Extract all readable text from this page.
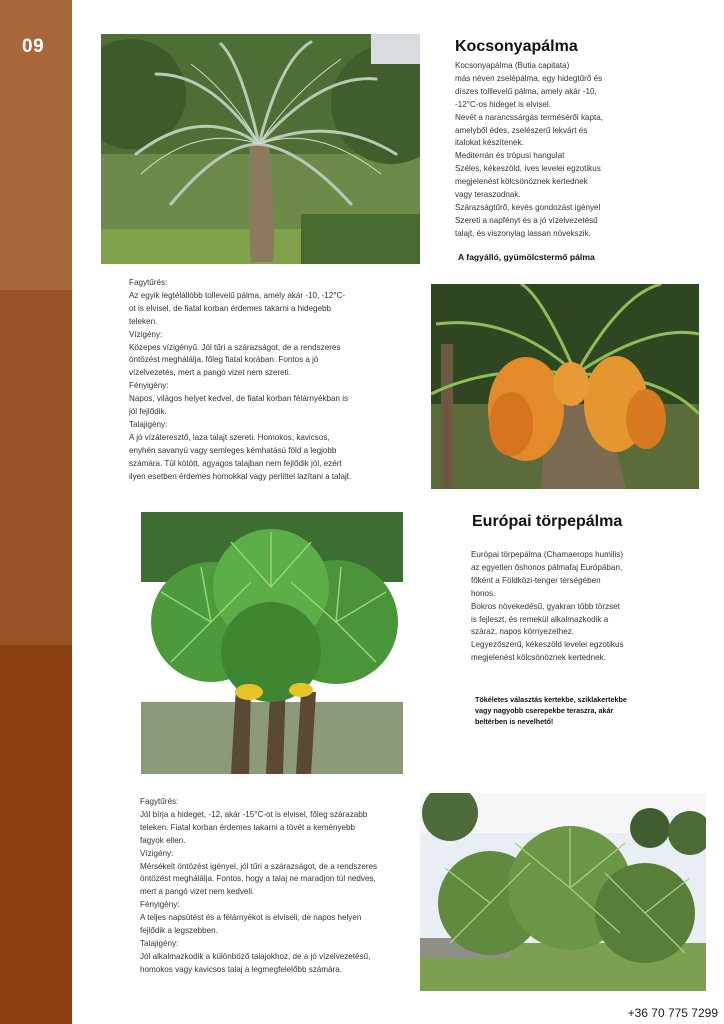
09	Kocsonyapálma

Kocsonyapálma (Butia capitata)

más néven zselépálma, egy hidegtűrő és

díszes tolllevelű pálma, amely akár -10,

-12°C-os hideget is elvisel.

Nevét a narancssárgás terméséről kapta,

amelyből édes, zselészerű lekvárt és

italokat készítenek.

Mediterrán és trópusi hangulat

Széles, kékeszöld, íves levelei egzotikus

megjelenést kölcsönöznek kertednek

vagy teraszodnak.

Szárazságtűrő, kevés gondozást igényel

Szereti a napfényt és a jó vízelvezetésű

talajt, és viszonylag lassan növekszik.

A fagyálló, gyümölcstermő pálma

Fagytűrés:

Az egyik legtélállóbb tollevelű pálma, amely akár -10, -12°C-

ot is elvisel, de fiatal korban érdemes takarni a hidegebb

teleken.

Vízigény:

Közepes vízigényű. Jól tűri a szárazságot, de a rendszeres

öntözést meghálálja, főleg fiatal korában. Fontos a jó

vízelvezetés, mert a pangó vizet nem szereti.

Fényigény:

Napos, világos helyet kedvel, de fiatal korban félárnyékban is

jól fejlődik.

Talajigény:

A jó vízáteresztő, laza talajt szereti. Homokos, kavicsos,

enyhén savanyú vagy semleges kémhatású föld a legjobb

számára. Túl kötött, agyagos talajban nem fejlődik jól, ezért

ilyen esetben érdemes homokkal vagy perlittel lazítani a talajt.

Európai törpepálma

Európai törpepálma (Chamaerops humilis)

az egyetlen őshonos pálmafaj Európában,

főként a Földközi-tenger térségében

honos.

Bokros növekedésű, gyakran több törzset

is fejleszt, és remekül alkalmazkodik a

száraz, napos környezethez.

Legyezőszerű, kékeszöld levelei egzotikus

megjelenést kölcsönöznek kertednek.

Tökéletes választás kertekbe, sziklakertekbe

vagy nagyobb cserepekbe teraszra, akár

beltérben is nevelhető!

Fagytűrés:

Jól bírja a hideget, -12, akár -15°C-ot is elvisel, főleg szárazabb

teleken. Fiatal korban érdemes takarni a tövét a keményebb

fagyok ellen.

Vízigény:

Mérsékelt öntözést igényel, jól tűri a szárazságot, de a rendszeres

öntözést meghálálja. Fontos, hogy a talaj ne maradjon túl nedves,

mert a pangó vizet nem kedveli.

Fényigény:

A teljes napsütést és a félárnyékot is elviseli, de napos helyen

fejlődik a legszebben.

Talajigény:

Jól alkalmazkodik a különböző talajokhoz, de a jó vízelvezetésű,

homokos vagy kavicsos talaj a legmegfelelőbb számára.

+36 70 775 7299
